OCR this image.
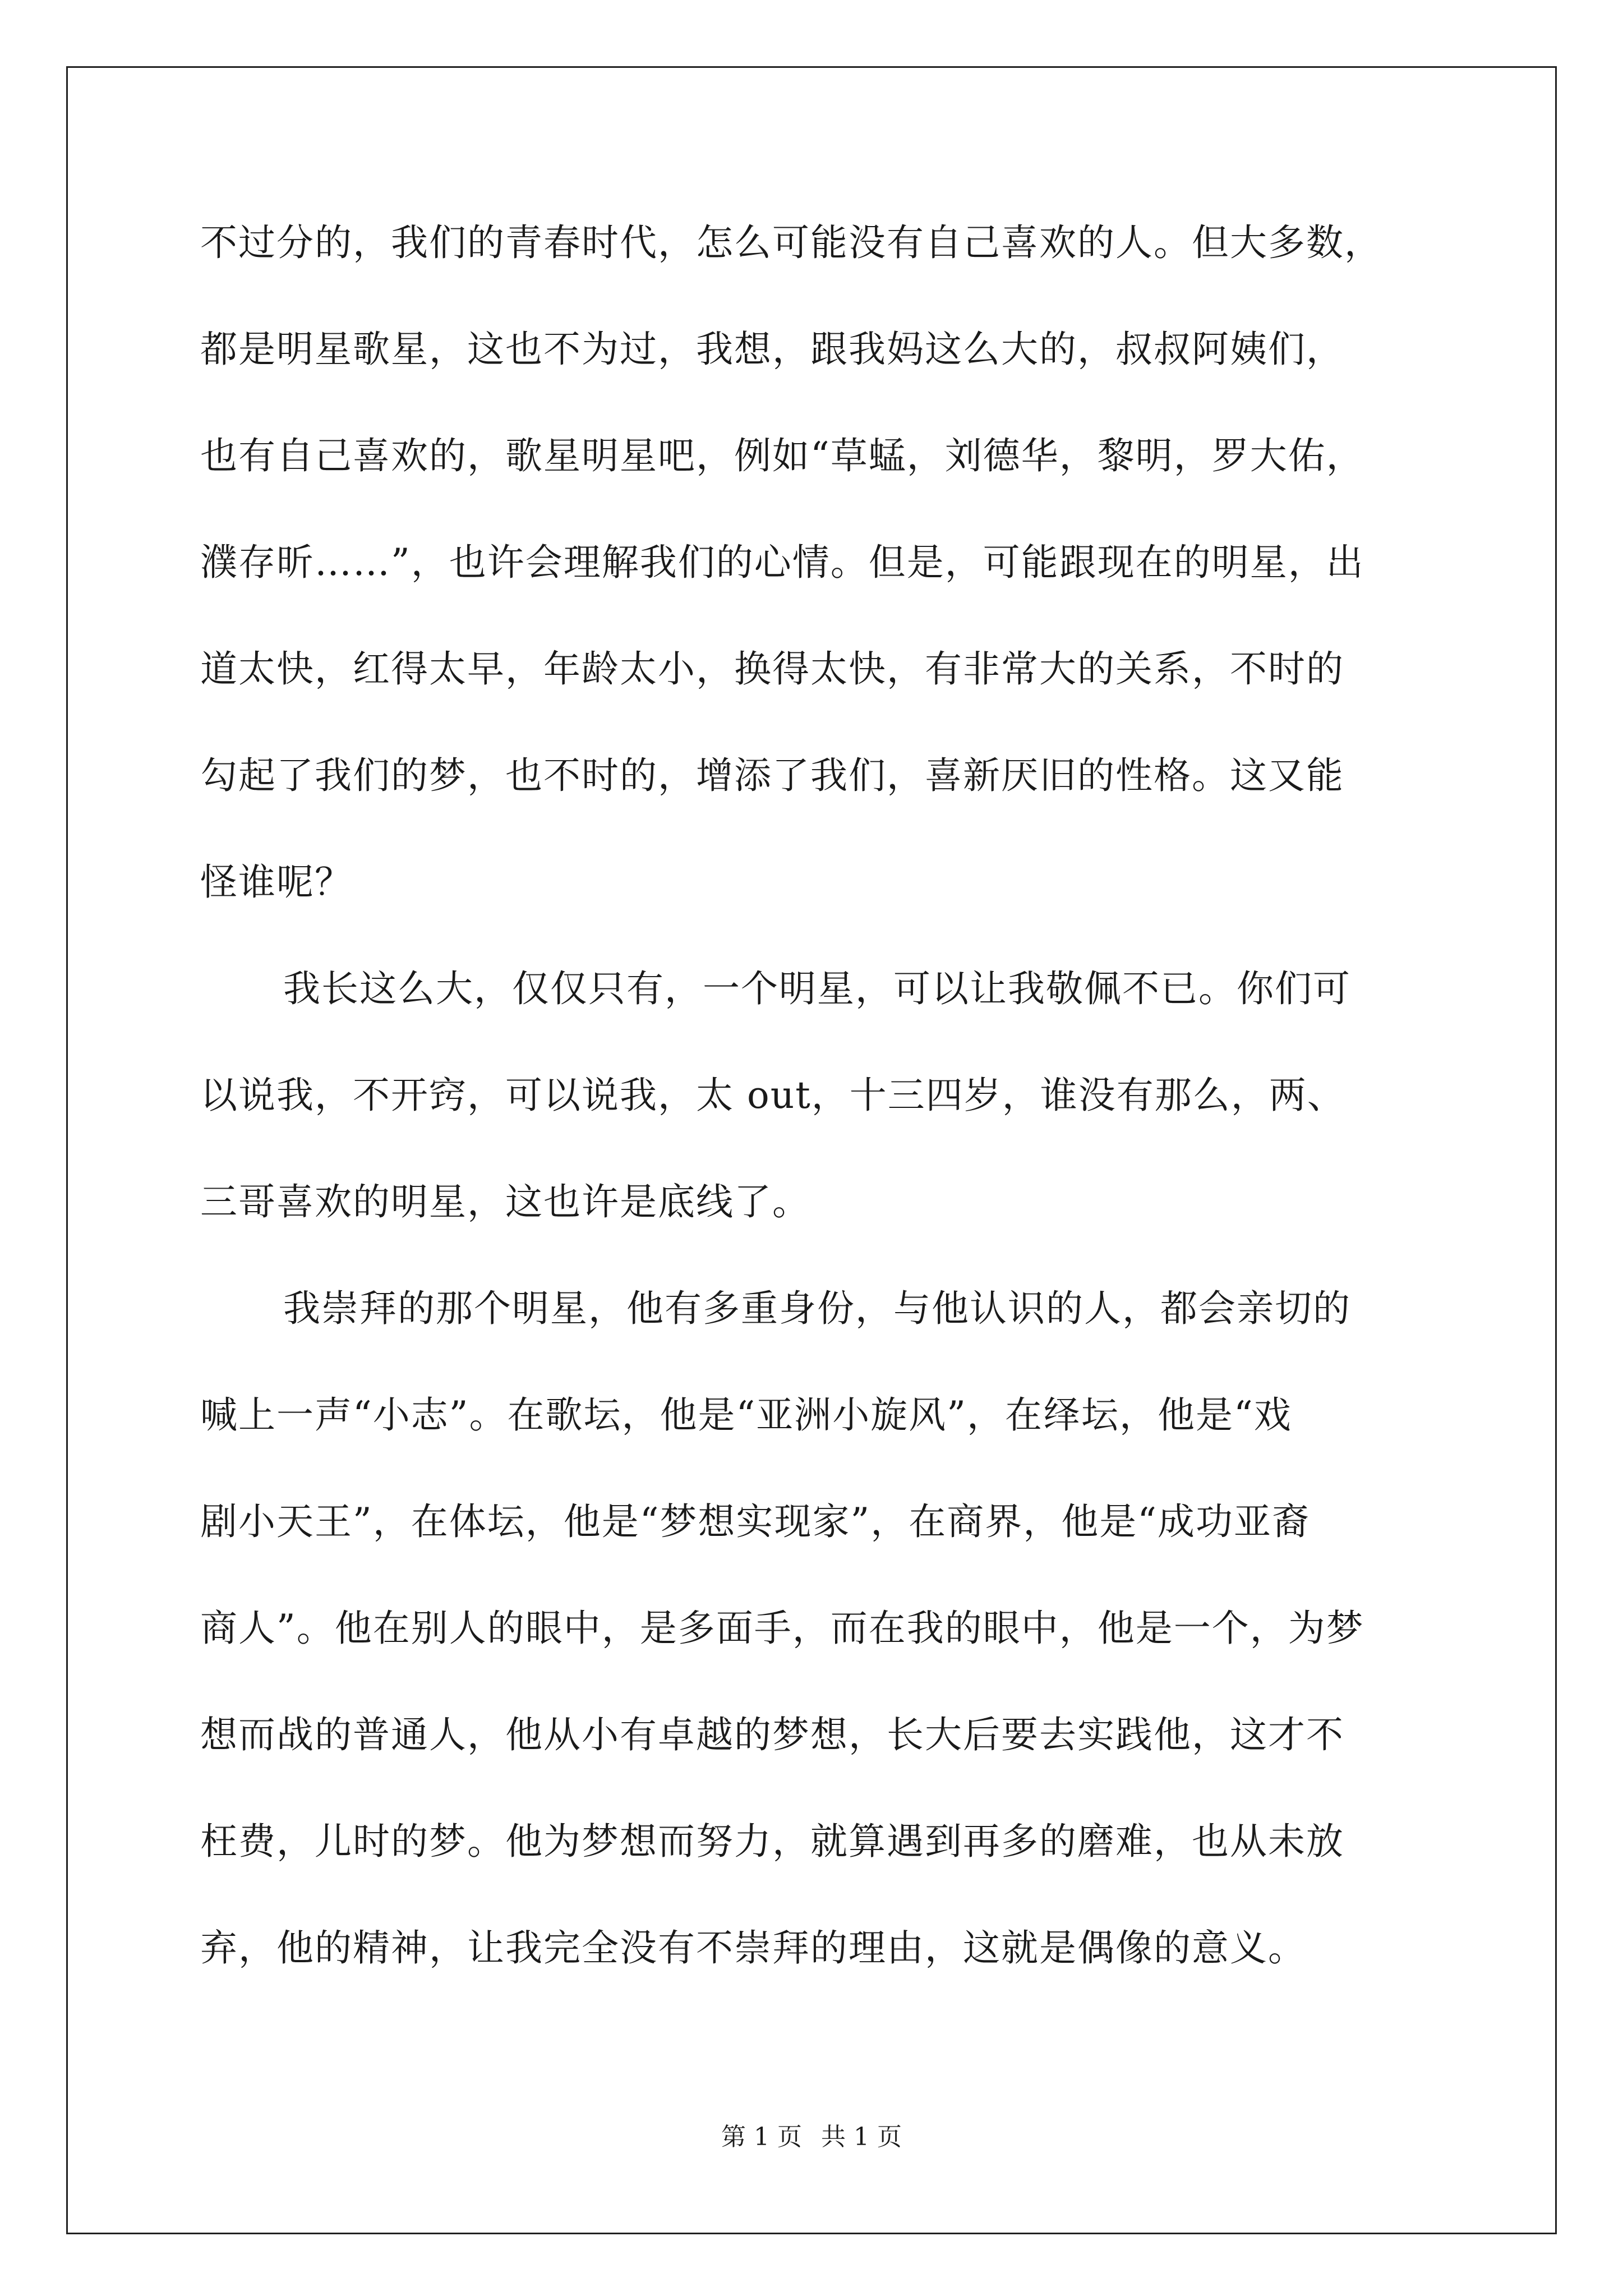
不过分的，我们的青春时代，怎么可能没有自己喜欢的人。但大多数，
都是明星歌星，这也不为过，我想，跟我妈这么大的，叔叔阿姨们，
也有自己喜欢的，歌星明星吧，例如“草蜢，刘德华，黎明，罗大佑，
濮存昕……”，也许会理解我们的心情。但是，可能跟现在的明星，出
道太快，红得太早，年龄太小，换得太快，有非常大的关系，不时的
勾起了我们的梦，也不时的，增添了我们，喜新厌旧的性格。这又能
怪谁呢？
我长这么大，仅仅只有，一个明星，可以让我敬佩不已。你们可
以说我，不开窍，可以说我，太 out，十三四岁，谁没有那么，两、
三哥喜欢的明星，这也许是底线了。
我崇拜的那个明星，他有多重身份，与他认识的人，都会亲切的
喊上一声“小志”。在歌坛，他是“亚洲小旋风”，在绎坛，他是“戏
剧小天王”，在体坛，他是“梦想实现家”，在商界，他是“成功亚裔
商人”。他在别人的眼中，是多面手，而在我的眼中，他是一个，为梦
想而战的普通人，他从小有卓越的梦想，长大后要去实践他，这才不
枉费，儿时的梦。他为梦想而努力，就算遇到再多的磨难，也从未放
弃，他的精神，让我完全没有不崇拜的理由，这就是偶像的意义。
第 1 页 共 1 页
